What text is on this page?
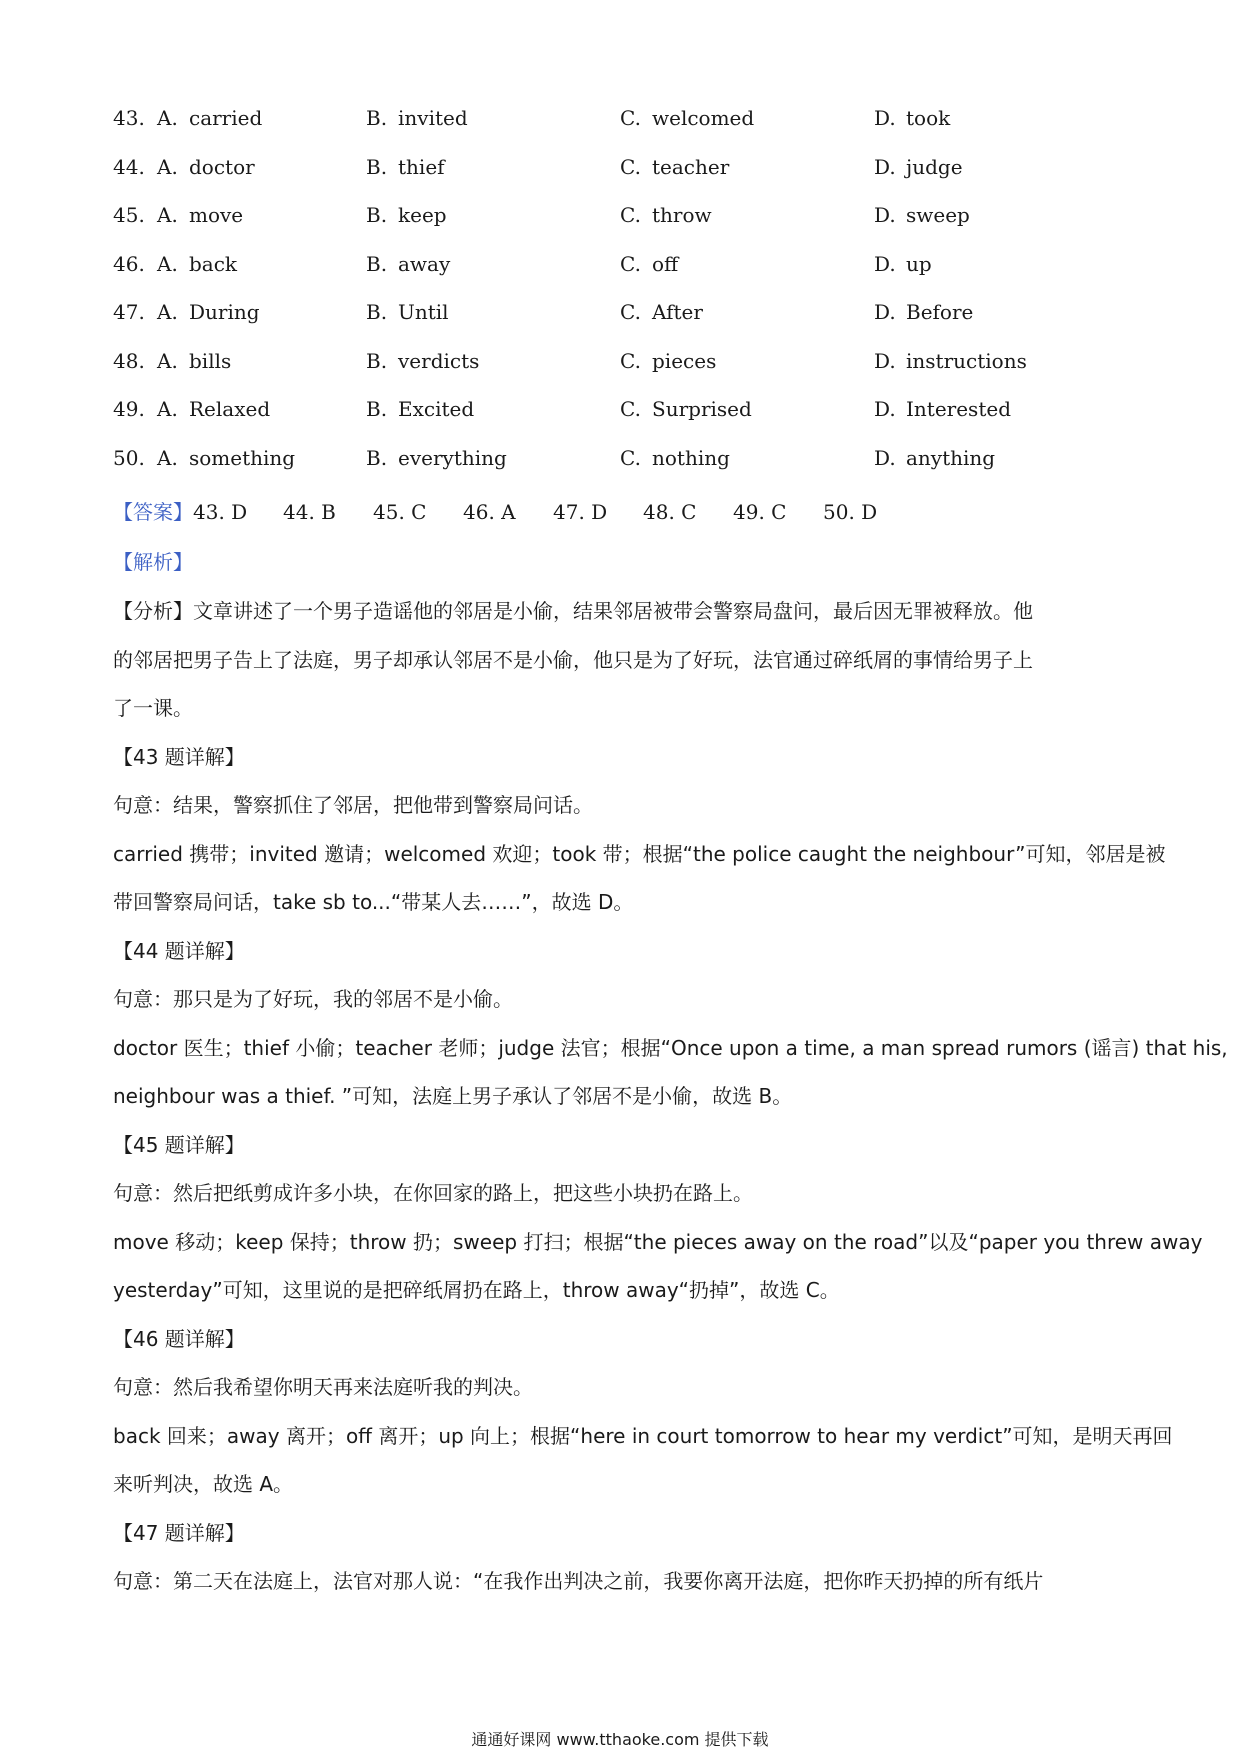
43. A. carried	B. invited	C. welcomed	D. took
44. A. doctor	B. thief	C. teacher	D. judge
45. A. move	B. keep	C. throw	D. sweep
46. A. back	B. away	C. off	D. up
47. A. During	B. Until	C. After	D. Before
48. A. bills	B. verdicts	C. pieces	D. instructions
49. A. Relaxed	B. Excited	C. Surprised	D. Interested
50. A. something	B. everything	C. nothing	D. anything
【答案】43. D 44. B 45. C 46. A 47. D 48. C 49. C 50. D
【解析】
【分析】文章讲述了一个男子造谣他的邻居是小偷，结果邻居被带会警察局盘问，最后因无罪被释放。他
的邻居把男子告上了法庭，男子却承认邻居不是小偷，他只是为了好玩，法官通过碎纸屑的事情给男子上
了一课。
【43 题详解】
句意：结果，警察抓住了邻居，把他带到警察局问话。
carried 携带；invited 邀请；welcomed 欢迎；took 带；根据“the police caught the neighbour”可知，邻居是被
带回警察局问话，take sb to...“带某人去……”，故选 D。
【44 题详解】
句意：那只是为了好玩，我的邻居不是小偷。
doctor 医生；thief 小偷；teacher 老师；judge 法官；根据“Once upon a time, a man spread rumors (谣言) that his,
neighbour was a thief. ”可知，法庭上男子承认了邻居不是小偷，故选 B。
【45 题详解】
句意：然后把纸剪成许多小块，在你回家的路上，把这些小块扔在路上。
move 移动；keep 保持；throw 扔；sweep 打扫；根据“the pieces away on the road”以及“paper you threw away
yesterday”可知，这里说的是把碎纸屑扔在路上，throw away“扔掉”，故选 C。
【46 题详解】
句意：然后我希望你明天再来法庭听我的判决。
back 回来；away 离开；off 离开；up 向上；根据“here in court tomorrow to hear my verdict”可知，是明天再回
来听判决，故选 A。
【47 题详解】
句意：第二天在法庭上，法官对那人说：“在我作出判决之前，我要你离开法庭，把你昨天扔掉的所有纸片
通通好课网 www.tthaoke.com 提供下载
